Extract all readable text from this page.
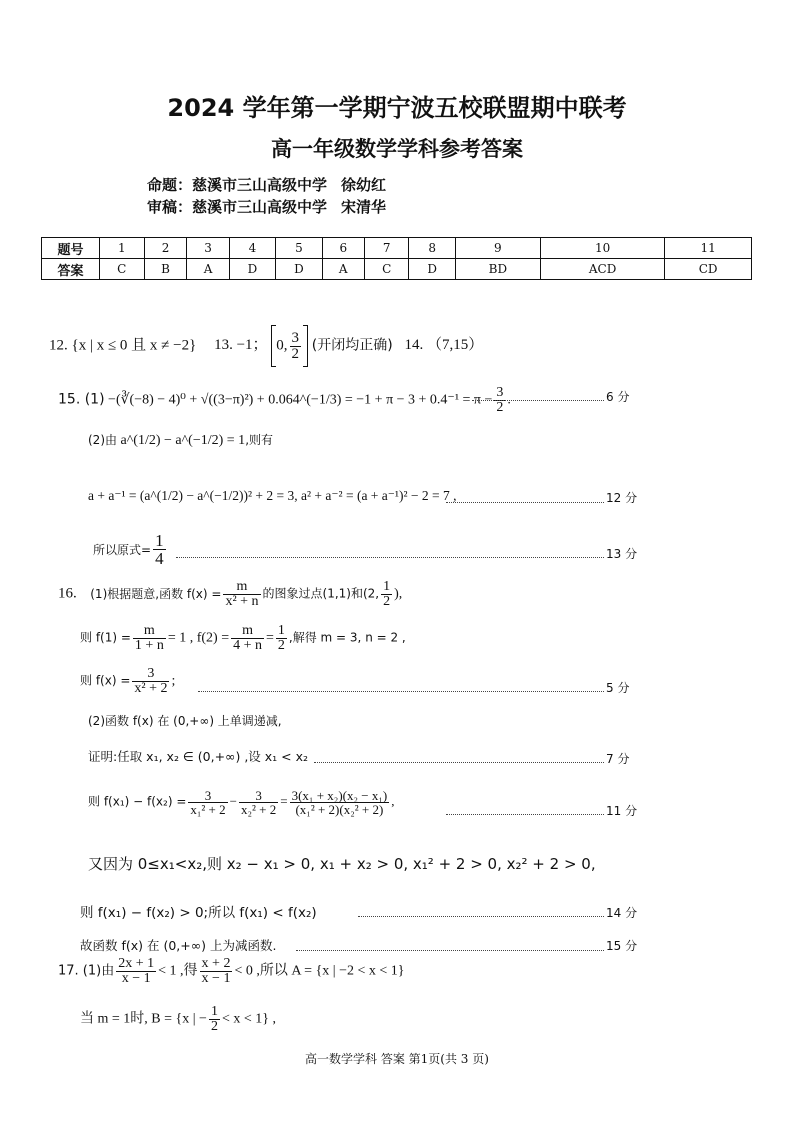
2024 学年第一学期宁波五校联盟期中联考
高一年级数学学科参考答案
命题：慈溪市三山高级中学 徐幼红
审稿：慈溪市三山高级中学 宋清华
题号	1	2	3	4	5	6	7	8	9	10	11
答案	C	B	A	D	D	A	C	D	BD	ACD	CD
12. {x | x ≤ 0 且 x ≠ −2} 13. −1； 0, $\frac{3}{2}$ (开闭均正确) 14. （7,15）
15. (1) −(∛(−8) − 4)⁰ + √((3−π)²) + 0.064^(−1/3) = $-1 + \pi - 3 + 0.4^{-1} = \pi - \frac{3}{2}$ .	6 分
(2)由 a^(1/2) − a^(−1/2) = 1,则有
a + a⁻¹ = (a^(1/2) − a^(−1/2))² + 2 = 3, a² + a⁻² = (a + a⁻¹)² − 2 = 7 ,	12 分
所以原式= $\frac{1}{4}$	13 分
16. (1)根据题意,函数 $f(x) = \frac{m}{\text{x² + n}}$ 的图象过点(1,1)和(2, $\frac{1}{2}$ ),
则 $f(1) = \frac{m}{1 + n} = 1$ , $f(2) = \frac{m}{4 + n} = \frac{1}{2}$ ,解得 m = 3, n = 2 ,
则 $f(x) = \frac{3}{\text{x² + 2}}$ ;	5 分
(2)函数 f(x) 在 (0,+∞) 上单调递减,
证明:任取 x₁, x₂ ∈ (0,+∞) ,设 x₁ < x₂	7 分
则 $f(x_1) - f(x_2) = \frac{3}{\text{x₁² + 2}} - \frac{3}{\text{x₂² + 2}} = \frac{\text{3(x₁ + x₂)(x₂ − x₁)}}{\text{(x₁² + 2)(x₂² + 2)}}$ ,
11 分
又因为 0≤x₁<x₂,则 x₂ − x₁ > 0, x₁ + x₂ > 0, x₁² + 2 > 0, x₂² + 2 > 0,
则 f(x₁) − f(x₂) > 0;所以 f(x₁) < f(x₂)	14 分
故函数 f(x) 在 (0,+∞) 上为减函数.	15 分
17. (1)由 $\frac{2x + 1}{x - 1} < 1$ ,得 $\frac{x + 2}{x - 1} < 0$ ,所以 A = {x | −2 < x < 1}
当 m = 1时, B = {x | − $\frac{1}{2} < x < 1$} ,
高一数学学科 答案 第1页(共 3 页)
